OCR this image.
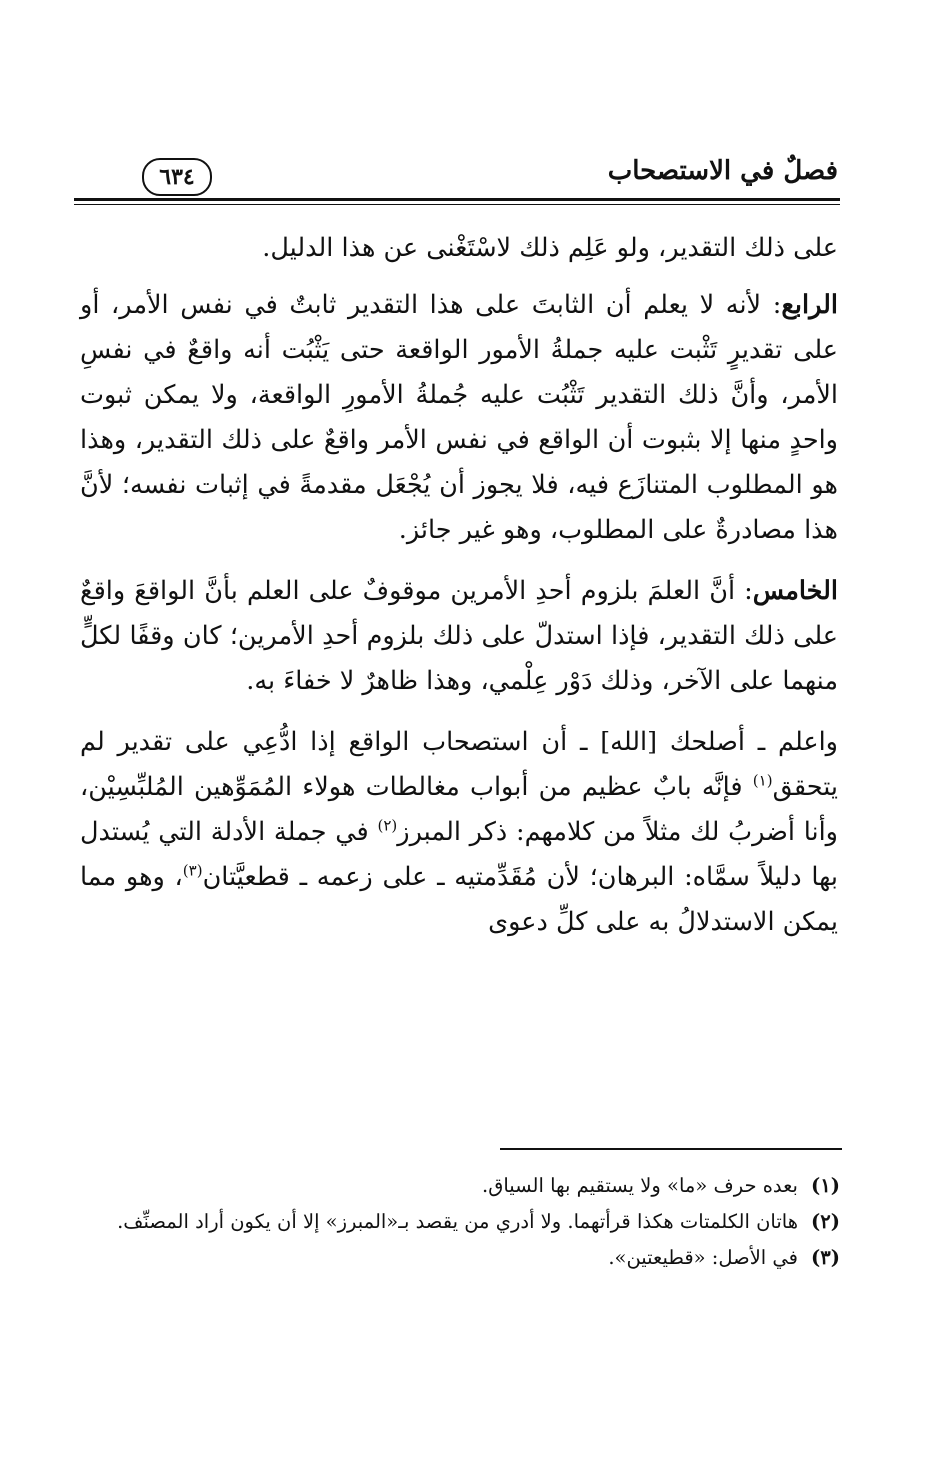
فصلٌ في الاستصحاب
٦٣٤

على ذلك التقدير، ولو عَلِم ذلك لاسْتَغْنى عن هذا الدليل.

الرابع: لأنه لا يعلم أن الثابتَ على هذا التقدير ثابتٌ في نفس الأمر، أو على تقديرٍ تَثْبت عليه جملةُ الأمور الواقعة حتى يَثْبُت أنه واقعٌ في نفسِ الأمر، وأنَّ ذلك التقدير تَثْبُت عليه جُملةُ الأمورِ الواقعة، ولا يمكن ثبوت واحدٍ منها إلا بثبوت أن الواقع في نفس الأمر واقعٌ على ذلك التقدير، وهذا هو المطلوب المتنازَع فيه، فلا يجوز أن يُجْعَل مقدمةً في إثبات نفسه؛ لأنَّ هذا مصادرةٌ على المطلوب، وهو غير جائز.

الخامس: أنَّ العلمَ بلزوم أحدِ الأمرين موقوفٌ على العلم بأنَّ الواقعَ واقعٌ على ذلك التقدير، فإذا استدلّ على ذلك بلزوم أحدِ الأمرين؛ كان وقفًا لكلٍّ منهما على الآخر، وذلك دَوْر عِلْمي، وهذا ظاهرٌ لا خفاءَ به.

واعلم ـ أصلحك [الله] ـ أن استصحاب الواقع إذا ادُّعِي على تقدير لم يتحقق$^{(١)}$ فإنَّه بابٌ عظيم من أبواب مغالطات هولاء المُمَوِّهين المُلبِّسِيْن، وأنا أضربُ لك مثلاً من كلامهم: ذكر المبرز$^{(٢)}$ في جملة الأدلة التي يُستدل بها دليلاً سمَّاه: البرهان؛ لأن مُقَدِّمتيه ـ على زعمه ـ قطعيَّتان$^{(٣)}$، وهو مما يمكن الاستدلالُ به على كلِّ دعوى

(١)
بعده حرف «ما» ولا يستقيم بها السياق.
(٢)
هاتان الكلمتات هكذا قرأتهما. ولا أدري من يقصد بـ«المبرز» إلا أن يكون أراد المصنِّف.
(٣)
في الأصل: «قطيعتين».
